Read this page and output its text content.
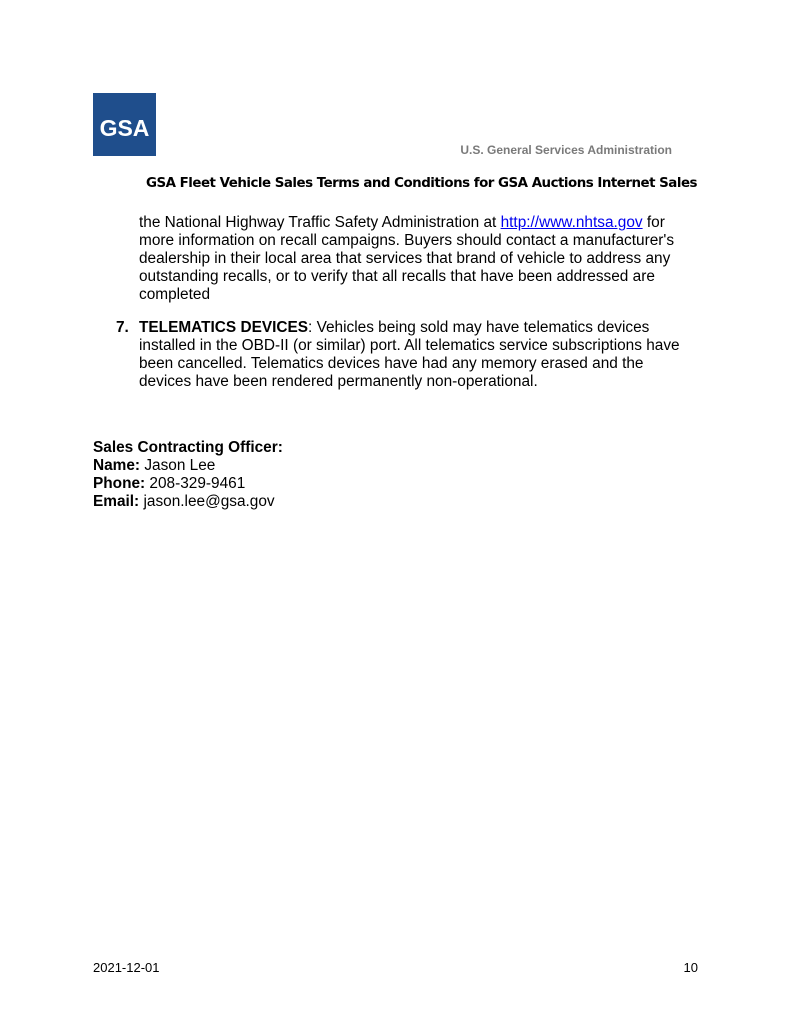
GSA
U.S. General Services Administration
GSA Fleet Vehicle Sales Terms and Conditions for GSA Auctions Internet Sales
the National Highway Traffic Safety Administration at http://www.nhtsa.gov for more information on recall campaigns. Buyers should contact a manufacturer's dealership in their local area that services that brand of vehicle to address any outstanding recalls, or to verify that all recalls that have been addressed are completed
7. TELEMATICS DEVICES: Vehicles being sold may have telematics devices installed in the OBD-II (or similar) port. All telematics service subscriptions have been cancelled. Telematics devices have had any memory erased and the devices have been rendered permanently non-operational.
Sales Contracting Officer:
Name: Jason Lee
Phone: 208-329-9461
Email: jason.lee@gsa.gov
2021-12-01	10
